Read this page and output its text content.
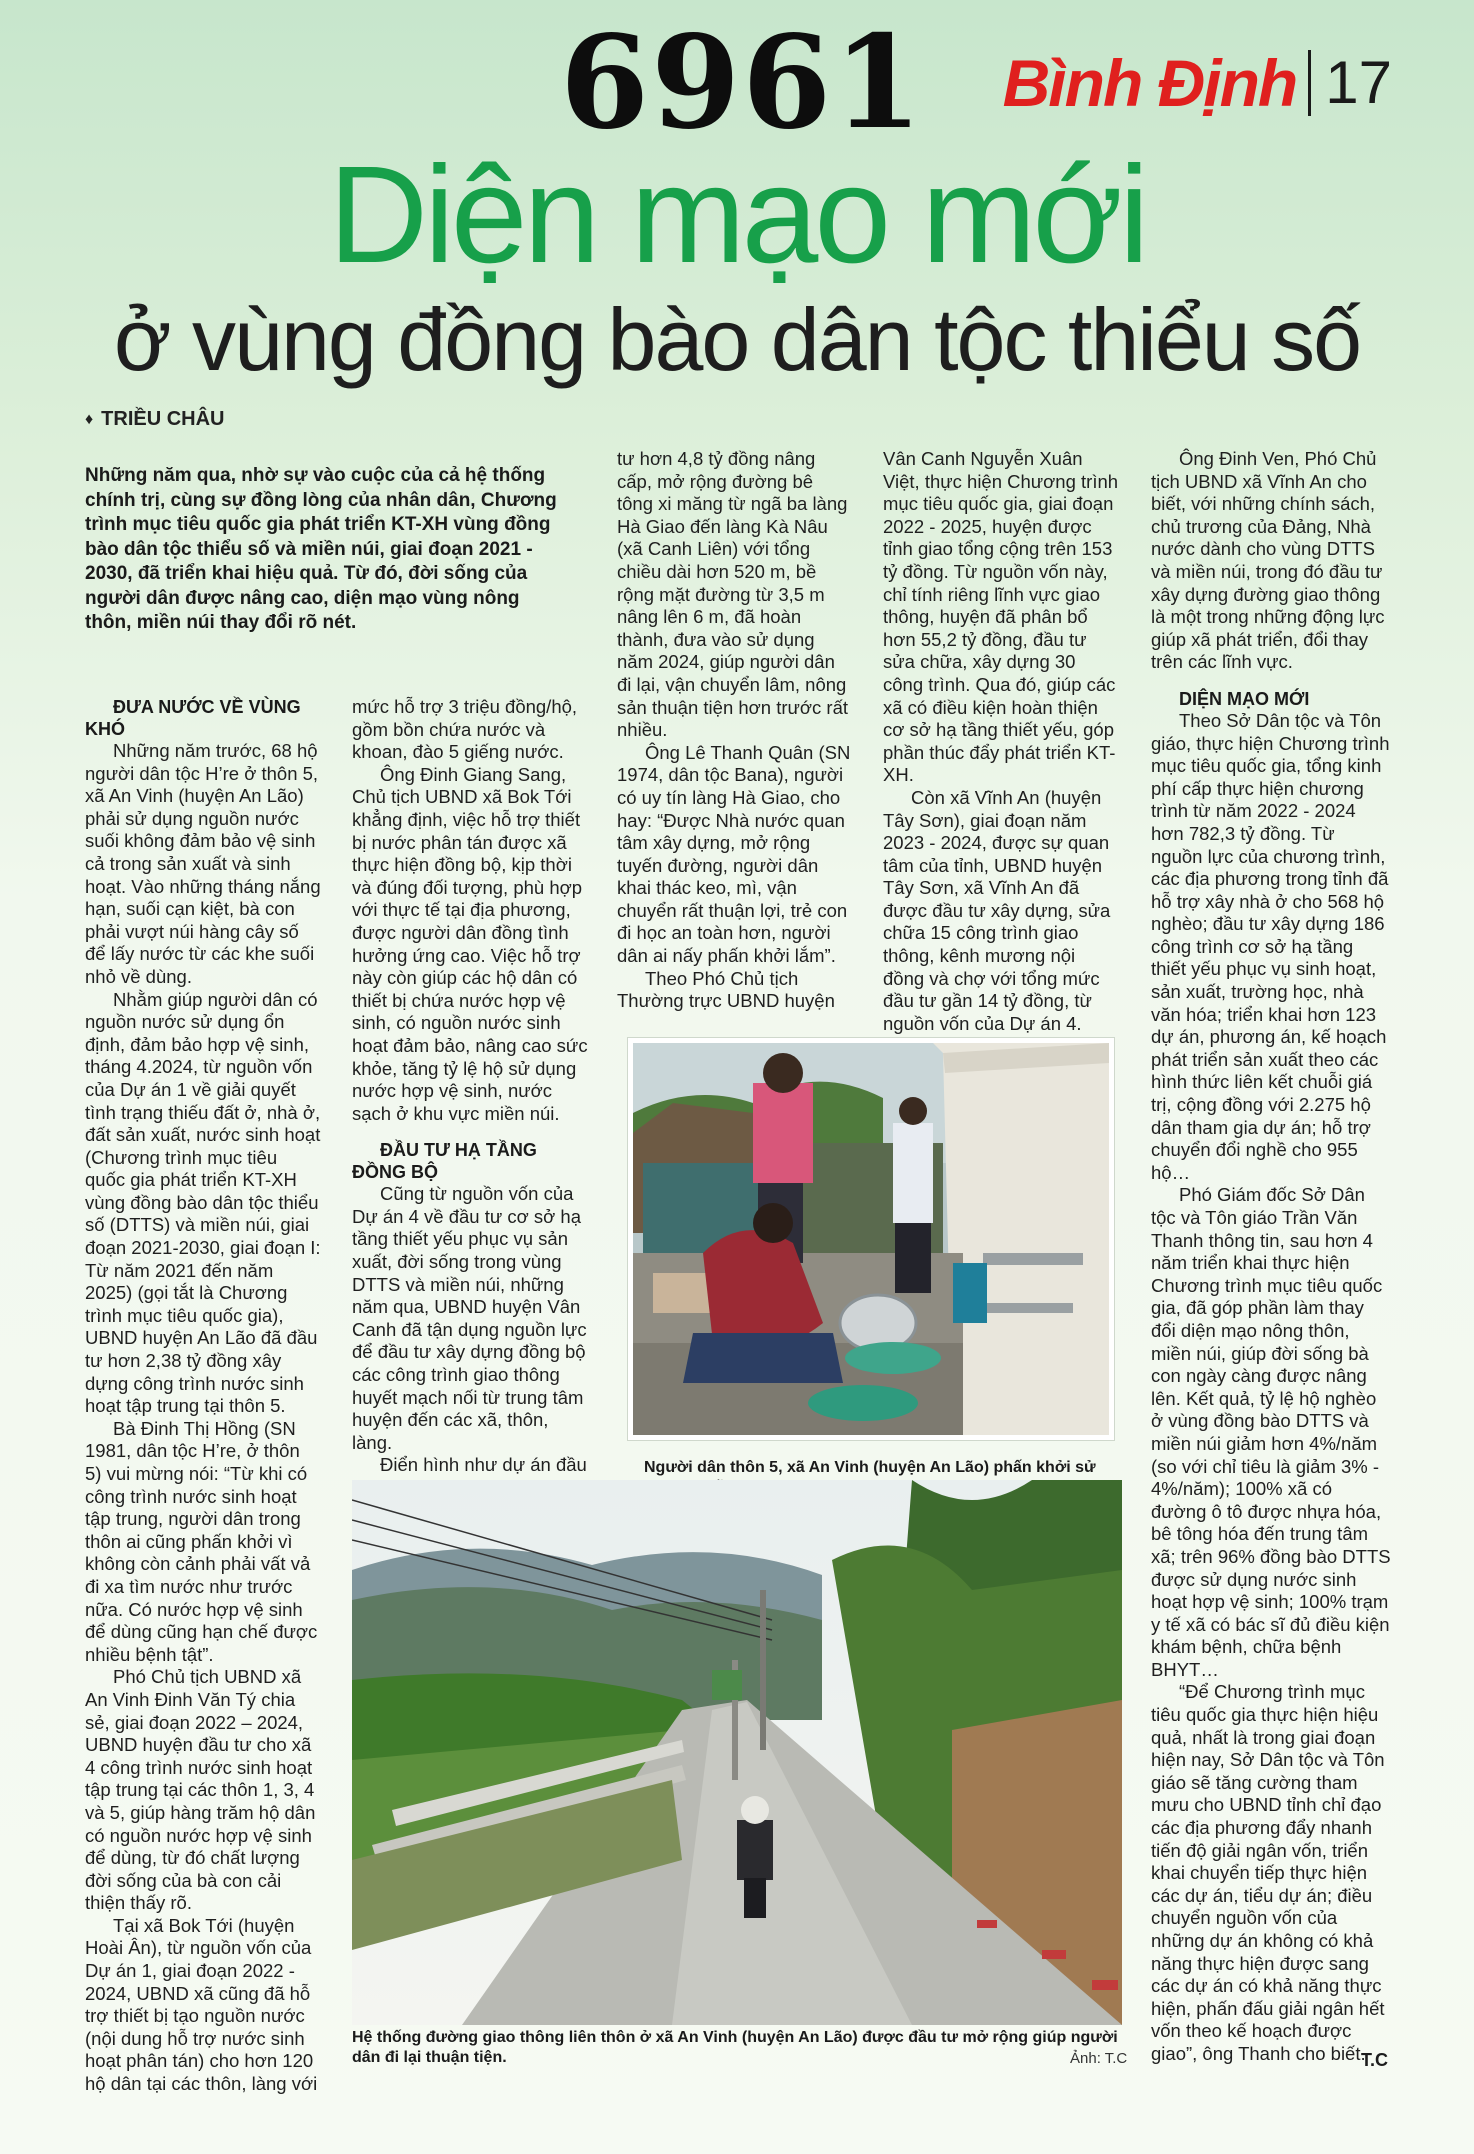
6961 Bình Định 17
Diện mạo mới
ở vùng đồng bào dân tộc thiểu số
♦ TRIỀU CHÂU
Những năm qua, nhờ sự vào cuộc của cả hệ thống chính trị, cùng sự đồng lòng của nhân dân, Chương trình mục tiêu quốc gia phát triển KT-XH vùng đồng bào dân tộc thiểu số và miền núi, giai đoạn 2021 - 2030, đã triển khai hiệu quả. Từ đó, đời sống của người dân được nâng cao, diện mạo vùng nông thôn, miền núi thay đổi rõ nét.

ĐƯA NƯỚC VỀ VÙNG KHÓ

Những năm trước, 68 hộ người dân tộc H’re ở thôn 5, xã An Vinh (huyện An Lão) phải sử dụng nguồn nước suối không đảm bảo vệ sinh cả trong sản xuất và sinh hoạt. Vào những tháng nắng hạn, suối cạn kiệt, bà con phải vượt núi hàng cây số để lấy nước từ các khe suối nhỏ về dùng.

Nhằm giúp người dân có nguồn nước sử dụng ổn định, đảm bảo hợp vệ sinh, tháng 4.2024, từ nguồn vốn của Dự án 1 về giải quyết tình trạng thiếu đất ở, nhà ở, đất sản xuất, nước sinh hoạt (Chương trình mục tiêu quốc gia phát triển KT-XH vùng đồng bào dân tộc thiểu số (DTTS) và miền núi, giai đoạn 2021-2030, giai đoạn I: Từ năm 2021 đến năm 2025) (gọi tắt là Chương trình mục tiêu quốc gia), UBND huyện An Lão đã đầu tư hơn 2,38 tỷ đồng xây dựng công trình nước sinh hoạt tập trung tại thôn 5.

Bà Đinh Thị Hồng (SN 1981, dân tộc H’re, ở thôn 5) vui mừng nói: “Từ khi có công trình nước sinh hoạt tập trung, người dân trong thôn ai cũng phấn khởi vì không còn cảnh phải vất vả đi xa tìm nước như trước nữa. Có nước hợp vệ sinh để dùng cũng hạn chế được nhiều bệnh tật”.

Phó Chủ tịch UBND xã An Vinh Đinh Văn Tý chia sẻ, giai đoạn 2022 – 2024, UBND huyện đầu tư cho xã 4 công trình nước sinh hoạt tập trung tại các thôn 1, 3, 4 và 5, giúp hàng trăm hộ dân có nguồn nước hợp vệ sinh để dùng, từ đó chất lượng đời sống của bà con cải thiện thấy rõ.

Tại xã Bok Tới (huyện Hoài Ân), từ nguồn vốn của Dự án 1, giai đoạn 2022 - 2024, UBND xã cũng đã hỗ trợ thiết bị tạo nguồn nước (nội dung hỗ trợ nước sinh hoạt phân tán) cho hơn 120 hộ dân tại các thôn, làng với

mức hỗ trợ 3 triệu đồng/hộ, gồm bồn chứa nước và khoan, đào 5 giếng nước.

Ông Đinh Giang Sang, Chủ tịch UBND xã Bok Tới khẳng định, việc hỗ trợ thiết bị nước phân tán được xã thực hiện đồng bộ, kịp thời và đúng đối tượng, phù hợp với thực tế tại địa phương, được người dân đồng tình hưởng ứng cao. Việc hỗ trợ này còn giúp các hộ dân có thiết bị chứa nước hợp vệ sinh, có nguồn nước sinh hoạt đảm bảo, nâng cao sức khỏe, tăng tỷ lệ hộ sử dụng nước hợp vệ sinh, nước sạch ở khu vực miền núi.

ĐẦU TƯ HẠ TẦNG ĐỒNG BỘ

Cũng từ nguồn vốn của Dự án 4 về đầu tư cơ sở hạ tầng thiết yếu phục vụ sản xuất, đời sống trong vùng DTTS và miền núi, những năm qua, UBND huyện Vân Canh đã tận dụng nguồn lực để đầu tư xây dựng đồng bộ các công trình giao thông huyết mạch nối từ trung tâm huyện đến các xã, thôn, làng.

Điển hình như dự án đầu

tư hơn 4,8 tỷ đồng nâng cấp, mở rộng đường bê tông xi măng từ ngã ba làng Hà Giao đến làng Kà Nâu (xã Canh Liên) với tổng chiều dài hơn 520 m, bề rộng mặt đường từ 3,5 m nâng lên 6 m, đã hoàn thành, đưa vào sử dụng năm 2024, giúp người dân đi lại, vận chuyển lâm, nông sản thuận tiện hơn trước rất nhiều.

Ông Lê Thanh Quân (SN 1974, dân tộc Bana), người có uy tín làng Hà Giao, cho hay: “Được Nhà nước quan tâm xây dựng, mở rộng tuyến đường, người dân khai thác keo, mì, vận chuyển rất thuận lợi, trẻ con đi học an toàn hơn, người dân ai nấy phấn khởi lắm”.

Theo Phó Chủ tịch Thường trực UBND huyện

Vân Canh Nguyễn Xuân Việt, thực hiện Chương trình mục tiêu quốc gia, giai đoạn 2022 - 2025, huyện được tỉnh giao tổng cộng trên 153 tỷ đồng. Từ nguồn vốn này, chỉ tính riêng lĩnh vực giao thông, huyện đã phân bổ hơn 55,2 tỷ đồng, đầu tư sửa chữa, xây dựng 30 công trình. Qua đó, giúp các xã có điều kiện hoàn thiện cơ sở hạ tầng thiết yếu, góp phần thúc đẩy phát triển KT-XH.

Còn xã Vĩnh An (huyện Tây Sơn), giai đoạn năm 2023 - 2024, được sự quan tâm của tỉnh, UBND huyện Tây Sơn, xã Vĩnh An đã được đầu tư xây dựng, sửa chữa 15 công trình giao thông, kênh mương nội đồng và chợ với tổng mức đầu tư gần 14 tỷ đồng, từ nguồn vốn của Dự án 4.

Ông Đinh Ven, Phó Chủ tịch UBND xã Vĩnh An cho biết, với những chính sách, chủ trương của Đảng, Nhà nước dành cho vùng DTTS và miền núi, trong đó đầu tư xây dựng đường giao thông là một trong những động lực giúp xã phát triển, đổi thay trên các lĩnh vực.

DIỆN MẠO MỚI

Theo Sở Dân tộc và Tôn giáo, thực hiện Chương trình mục tiêu quốc gia, tổng kinh phí cấp thực hiện chương trình từ năm 2022 - 2024 hơn 782,3 tỷ đồng. Từ nguồn lực của chương trình, các địa phương trong tỉnh đã hỗ trợ xây nhà ở cho 568 hộ nghèo; đầu tư xây dựng 186 công trình cơ sở hạ tầng thiết yếu phục vụ sinh hoạt, sản xuất, trường học, nhà văn hóa; triển khai hơn 123 dự án, phương án, kế hoạch phát triển sản xuất theo các hình thức liên kết chuỗi giá trị, cộng đồng với 2.275 hộ dân tham gia dự án; hỗ trợ chuyển đổi nghề cho 955 hộ…

Phó Giám đốc Sở Dân tộc và Tôn giáo Trần Văn Thanh thông tin, sau hơn 4 năm triển khai thực hiện Chương trình mục tiêu quốc gia, đã góp phần làm thay đổi diện mạo nông thôn, miền núi, giúp đời sống bà con ngày càng được nâng lên. Kết quả, tỷ lệ hộ nghèo ở vùng đồng bào DTTS và miền núi giảm hơn 4%/năm (so với chỉ tiêu là giảm 3% - 4%/năm); 100% xã có đường ô tô được nhựa hóa, bê tông hóa đến trung tâm xã; trên 96% đồng bào DTTS được sử dụng nước sinh hoạt hợp vệ sinh; 100% trạm y tế xã có bác sĩ đủ điều kiện khám bệnh, chữa bệnh BHYT…

“Để Chương trình mục tiêu quốc gia thực hiện hiệu quả, nhất là trong giai đoạn hiện nay, Sở Dân tộc và Tôn giáo sẽ tăng cường tham mưu cho UBND tỉnh chỉ đạo các địa phương đẩy nhanh tiến độ giải ngân vốn, triển khai chuyển tiếp thực hiện các dự án, tiểu dự án; điều chuyển nguồn vốn của những dự án không có khả năng thực hiện được sang các dự án có khả năng thực hiện, phấn đấu giải ngân hết vốn theo kế hoạch được giao”, ông Thanh cho biết.

Người dân thôn 5, xã An Vinh (huyện An Lão) phấn khởi sử
Hệ thống đường giao thông liên thôn ở xã An Vinh (huyện An Lão) được đầu tư mở rộng giúp người dân đi lại thuận tiện.	Ảnh: T.C	T.C
